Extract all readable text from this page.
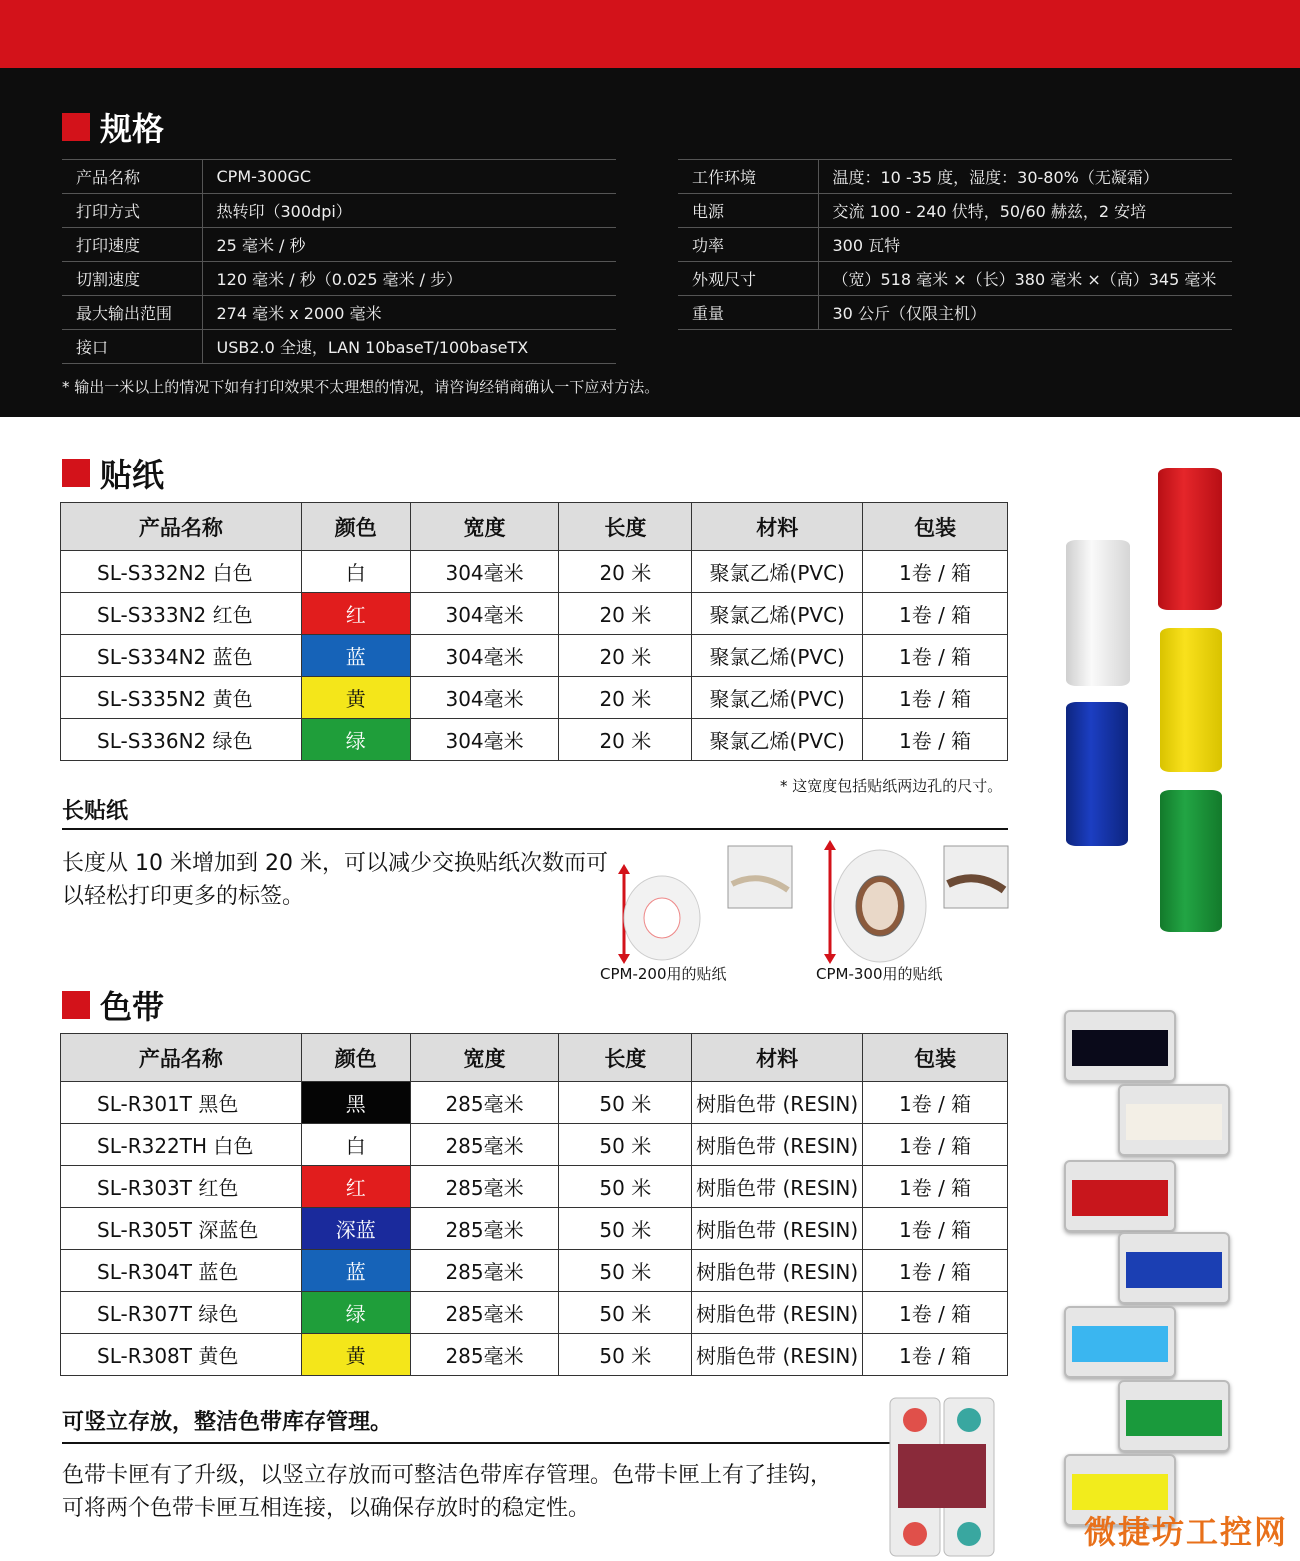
规格
产品名称	CPM-300GC
打印方式	热转印（300dpi）
打印速度	25 毫米 / 秒
切割速度	120 毫米 / 秒（0.025 毫米 / 步）
最大输出范围	274 毫米 x 2000 毫米
接口	USB2.0 全速，LAN 10baseT/100baseTX
工作环境	温度：10 -35 度，湿度：30-80%（无凝霜）
电源	交流 100 - 240 伏特，50/60 赫兹，2 安培
功率	300 瓦特
外观尺寸	（宽）518 毫米 ×（长）380 毫米 ×（高）345 毫米
重量	30 公斤（仅限主机）
* 输出一米以上的情况下如有打印效果不太理想的情况，请咨询经销商确认一下应对方法。
贴纸
产品名称	颜色	宽度	长度	材料	包装
SL-S332N2 白色	白	304毫米	20 米	聚氯乙烯(PVC)	1卷 / 箱
SL-S333N2 红色	红	304毫米	20 米	聚氯乙烯(PVC)	1卷 / 箱
SL-S334N2 蓝色	蓝	304毫米	20 米	聚氯乙烯(PVC)	1卷 / 箱
SL-S335N2 黄色	黄	304毫米	20 米	聚氯乙烯(PVC)	1卷 / 箱
SL-S336N2 绿色	绿	304毫米	20 米	聚氯乙烯(PVC)	1卷 / 箱
* 这宽度包括贴纸两边孔的尺寸。
长贴纸
长度从 10 米增加到 20 米，可以减少交换贴纸次数而可以轻松打印更多的标签。
CPM-200用的贴纸	CPM-300用的贴纸
色带
产品名称	颜色	宽度	长度	材料	包装
SL-R301T 黑色	黑	285毫米	50 米	树脂色带 (RESIN)	1卷 / 箱
SL-R322TH 白色	白	285毫米	50 米	树脂色带 (RESIN)	1卷 / 箱
SL-R303T 红色	红	285毫米	50 米	树脂色带 (RESIN)	1卷 / 箱
SL-R305T 深蓝色	深蓝	285毫米	50 米	树脂色带 (RESIN)	1卷 / 箱
SL-R304T 蓝色	蓝	285毫米	50 米	树脂色带 (RESIN)	1卷 / 箱
SL-R307T 绿色	绿	285毫米	50 米	树脂色带 (RESIN)	1卷 / 箱
SL-R308T 黄色	黄	285毫米	50 米	树脂色带 (RESIN)	1卷 / 箱
可竖立存放，整洁色带库存管理。
色带卡匣有了升级，以竖立存放而可整洁色带库存管理。色带卡匣上有了挂钩，可将两个色带卡匣互相连接，以确保存放时的稳定性。
微捷坊工控网
